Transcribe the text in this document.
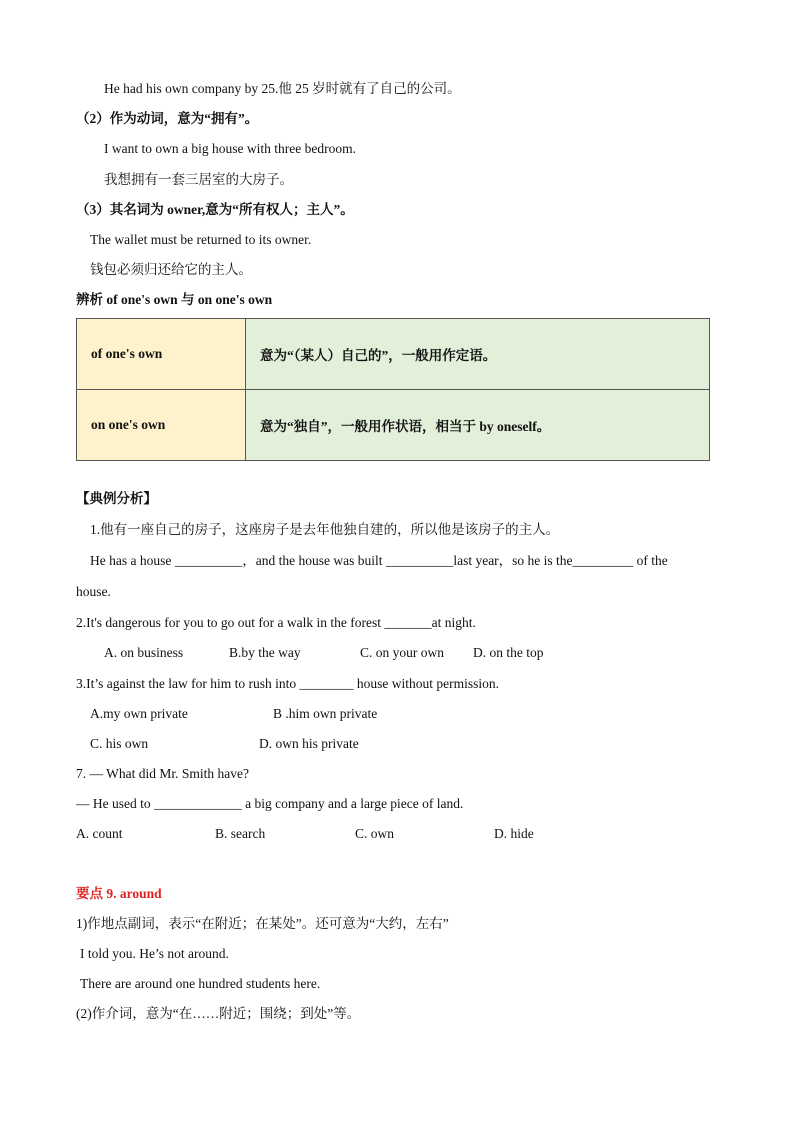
He had his own company by 25.他 25 岁时就有了自己的公司。
（2）作为动词，意为“拥有”。
I want to own a big house with three bedroom.
我想拥有一套三居室的大房子。
（3）其名词为 owner,意为“所有权人；主人”。
The wallet must be returned to its owner.
钱包必须归还给它的主人。
辨析 of one's own 与 on one's own
of one's own	意为“（某人）自己的”，一般用作定语。
on one's own	意为“独自”，一般用作状语，相当于 by oneself。
【典例分析】
1.他有一座自己的房子，这座房子是去年他独自建的，所以他是该房子的主人。
He has a house __________，and the house was built __________last year，so he is the_________ of the
house.
2.It's dangerous for you to go out for a walk in the forest _______at night.
A. on business	B.by the way	C. on your own D. on the top
3.It’s against the law for him to rush into ________ house without permission.
A.my own private	B .him own private
C. his own	D. own his private
7. — What did Mr. Smith have?
— He used to _____________ a big company and a large piece of land.
A. count	B. search	C. own	D. hide
要点 9. around
1)作地点副词，表示“在附近；在某处”。还可意为“大约，左右”
I told you. He’s not around.
There are around one hundred students here.
(2)作介词，意为“在……附近；围绕；到处”等。
